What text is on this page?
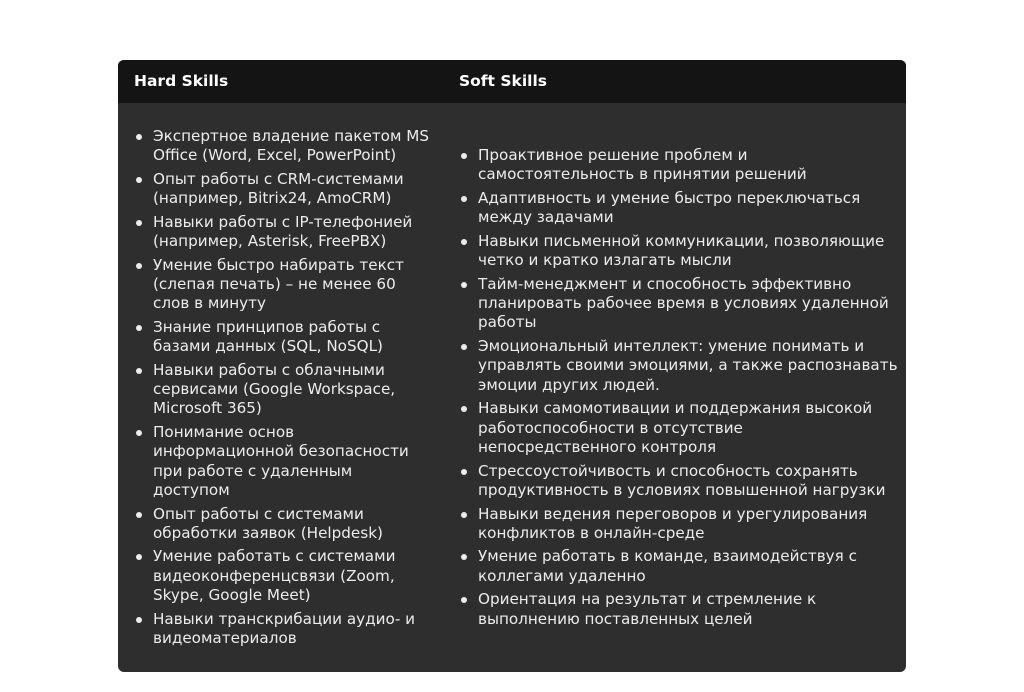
Hard Skills	Soft Skills
Экспертное владение пакетом MS Office (Word, Excel, PowerPoint)
Опыт работы с CRM-системами (например, Bitrix24, AmoCRM)
Навыки работы с IP-телефонией (например, Asterisk, FreePBX)
Умение быстро набирать текст (слепая печать) – не менее 60 слов в минуту
Знание принципов работы с базами данных (SQL, NoSQL)
Навыки работы с облачными сервисами (Google Workspace, Microsoft 365)
Понимание основ информационной безопасности при работе с удаленным доступом
Опыт работы с системами обработки заявок (Helpdesk)
Умение работать с системами видеоконференцсвязи (Zoom, Skype, Google Meet)
Навыки транскрибации аудио- и видеоматериалов
Проактивное решение проблем и самостоятельность в принятии решений
Адаптивность и умение быстро переключаться между задачами
Навыки письменной коммуникации, позволяющие четко и кратко излагать мысли
Тайм-менеджмент и способность эффективно планировать рабочее время в условиях удаленной работы
Эмоциональный интеллект: умение понимать и управлять своими эмоциями, а также распознавать эмоции других людей.
Навыки самомотивации и поддержания высокой работоспособности в отсутствие непосредственного контроля
Стрессоустойчивость и способность сохранять продуктивность в условиях повышенной нагрузки
Навыки ведения переговоров и урегулирования конфликтов в онлайн-среде
Умение работать в команде, взаимодействуя с коллегами удаленно
Ориентация на результат и стремление к выполнению поставленных целей
